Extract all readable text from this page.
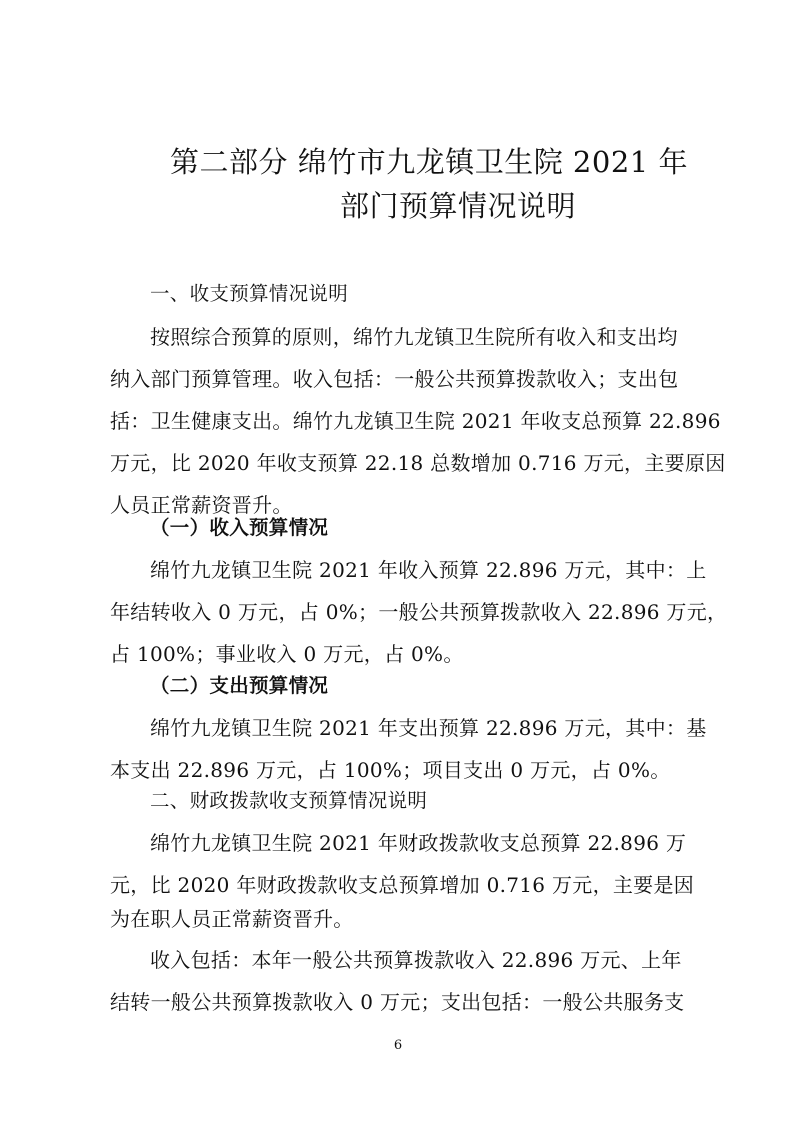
第二部分 绵竹市九龙镇卫生院 2021 年
部门预算情况说明
一、收支预算情况说明
按照综合预算的原则，绵竹九龙镇卫生院所有收入和支出均
纳入部门预算管理。收入包括：一般公共预算拨款收入；支出包
括：卫生健康支出。绵竹九龙镇卫生院 2021 年收支总预算 22.896
万元，比 2020 年收支预算 22.18 总数增加 0.716 万元，主要原因
人员正常薪资晋升。
（一）收入预算情况
绵竹九龙镇卫生院 2021 年收入预算 22.896 万元，其中：上
年结转收入 0 万元，占 0%；一般公共预算拨款收入 22.896 万元，
占 100%；事业收入 0 万元，占 0%。
（二）支出预算情况
绵竹九龙镇卫生院 2021 年支出预算 22.896 万元，其中：基
本支出 22.896 万元，占 100%；项目支出 0 万元，占 0%。
二、财政拨款收支预算情况说明
绵竹九龙镇卫生院 2021 年财政拨款收支总预算 22.896 万
元，比 2020 年财政拨款收支总预算增加 0.716 万元，主要是因
为在职人员正常薪资晋升。
收入包括：本年一般公共预算拨款收入 22.896 万元、上年
结转一般公共预算拨款收入 0 万元；支出包括：一般公共服务支
6
